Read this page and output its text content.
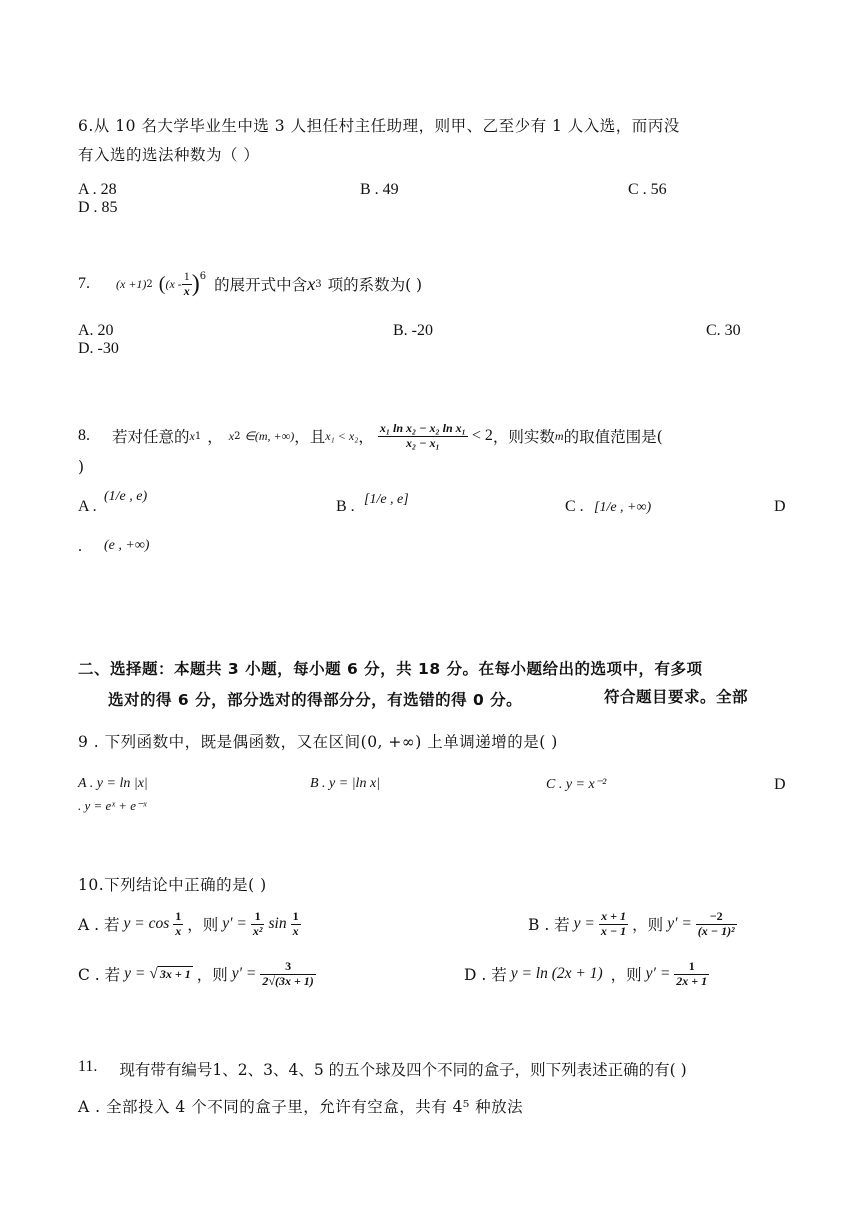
6.从 10 名大学毕业生中选 3 人担任村主任助理，则甲、乙至少有 1 人入选，而丙没
有入选的选法种数为（ ）
A . 28	B . 49	C . 56
D . 85
7. (x +1) 2 ( ($x - \frac{1}{x}$ ) 6 的展开式中含 x 3 项的系数为( )
A. 20	B. -20	C. 30
D. -30
8. 若对任意的 x 1 ， x 2 ∈(m, +∞) ，且 x₁ < x₂ ， $\frac{\text{x₁ ln x₂ − x₂ ln x₁}}{\text{x₂ − x₁}} < 2$ ，则实数 m 的取值范围是(
)
A .
(1/e , e)
B . [1/e , e]	C . [1/e , +∞)	D
. (e , +∞)
二、选择题：本题共 3 小题，每小题 6 分，共 18 分。在每小题给出的选项中，有多项
符合题目要求。全部
选对的得 6 分，部分选对的得部分分，有选错的得 0 分。
9 . 下列函数中，既是偶函数，又在区间(0, +∞) 上单调递增的是( )
A . y = ln |x|	B . y = |ln x|	C . y = x⁻²	D
. y = eˣ + e⁻ˣ
10.下列结论中正确的是( )
A . 若 $y = \cos \frac{1}{x}$ ，则 $y' = \frac{1}{\text{x²}}$ $\sin \frac{1}{x}$	B . 若 $y = \frac{x + 1}{x - 1}$ ，则 $y' = \frac{-2}{\text{(x − 1)²}}$
C . 若 y = √ 3x + 1 ，则 $y' = \frac{3}{2√(3x + 1)}$	D . 若 y = ln (2x + 1) ，则 $y' = \frac{1}{2x + 1}$
11. 现有带有编号1、2、3、4、5 的五个球及四个不同的盒子，则下列表述正确的有( )
A . 全部投入 4 个不同的盒子里，允许有空盒，共有 4⁵ 种放法
